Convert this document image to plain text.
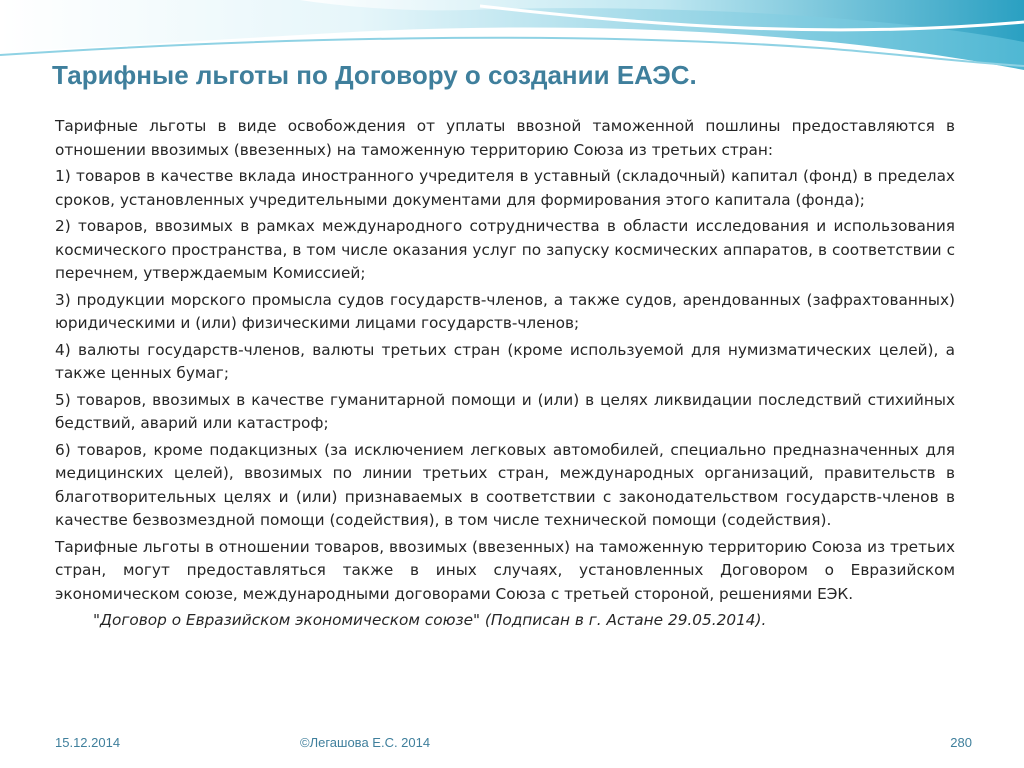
Тарифные льготы по Договору о создании ЕАЭС.

Тарифные льготы в виде освобождения от уплаты ввозной таможенной пошлины предоставляются в отношении ввозимых (ввезенных) на таможенную территорию Союза из третьих стран:

1) товаров в качестве вклада иностранного учредителя в уставный (складочный) капитал (фонд) в пределах сроков, установленных учредительными документами для формирования этого капитала (фонда);

2) товаров, ввозимых в рамках международного сотрудничества в области исследования и использования космического пространства, в том числе оказания услуг по запуску космических аппаратов, в соответствии с перечнем, утверждаемым Комиссией;

3) продукции морского промысла судов государств-членов, а также судов, арендованных (зафрахтованных) юридическими и (или) физическими лицами государств-членов;

4) валюты государств-членов, валюты третьих стран (кроме используемой для нумизматических целей), а также ценных бумаг;

5) товаров, ввозимых в качестве гуманитарной помощи и (или) в целях ликвидации последствий стихийных бедствий, аварий или катастроф;

6) товаров, кроме подакцизных (за исключением легковых автомобилей, специально предназначенных для медицинских целей), ввозимых по линии третьих стран, международных организаций, правительств в благотворительных целях и (или) признаваемых в соответствии с законодательством государств-членов в качестве безвозмездной помощи (содействия), в том числе технической помощи (содействия).

Тарифные льготы в отношении товаров, ввозимых (ввезенных) на таможенную территорию Союза из третьих стран, могут предоставляться также в иных случаях, установленных Договором о Евразийском экономическом союзе, международными договорами Союза с третьей стороной, решениями ЕЭК.

"Договор о Евразийском экономическом союзе" (Подписан в г. Астане 29.05.2014).

15.12.2014	©Легашова Е.С. 2014	280
